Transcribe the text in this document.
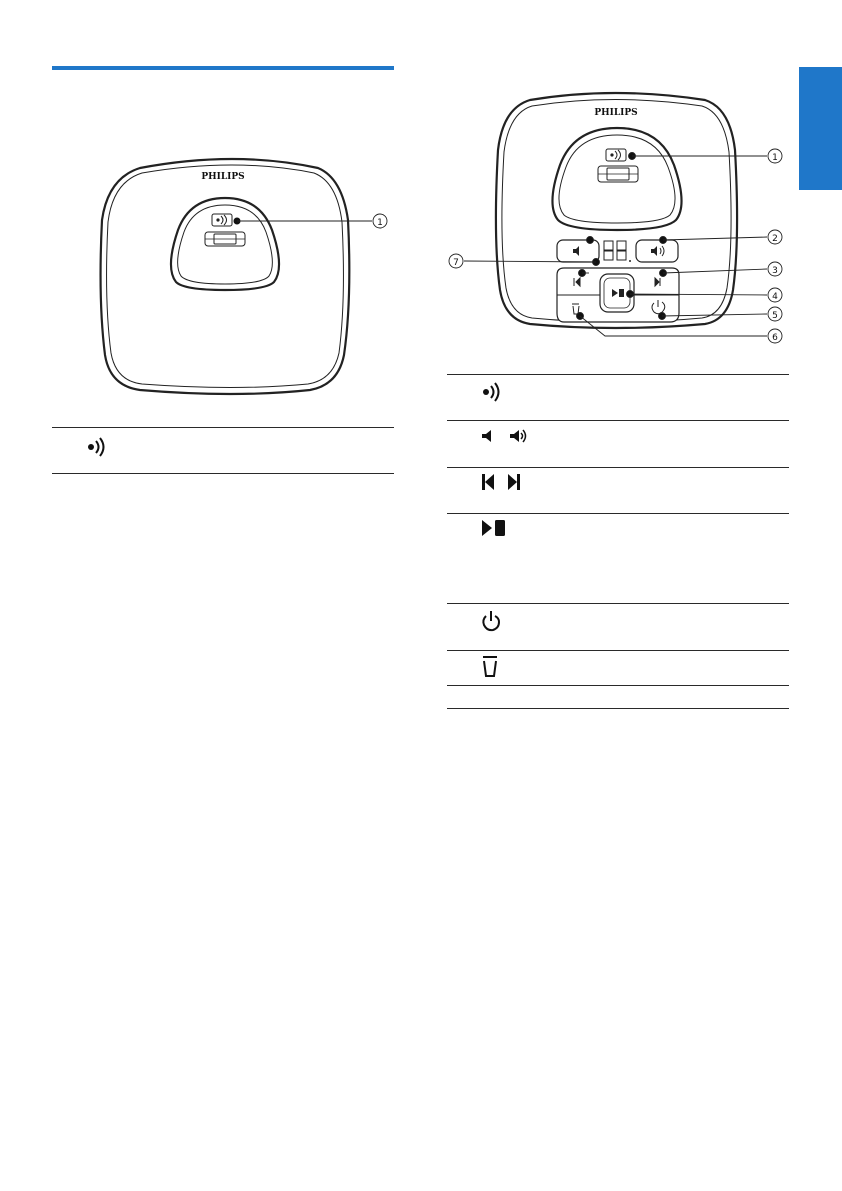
PHILIPS
1
PHILIPS
1
2
3
4
5
6
7
